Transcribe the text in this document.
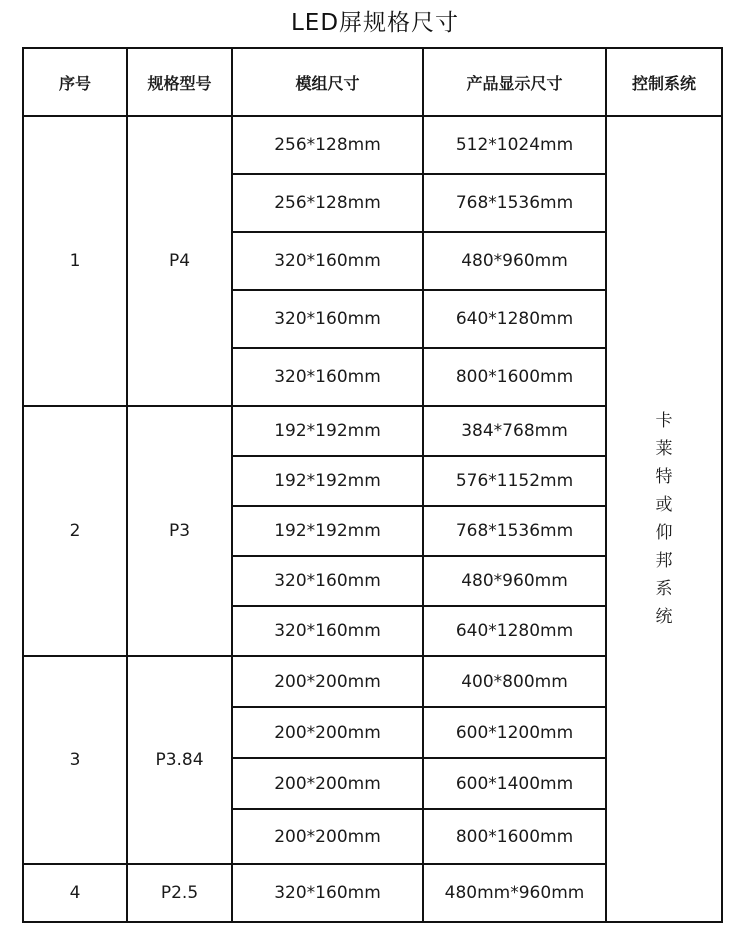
LED屏规格尺寸
序号	规格型号	模组尺寸	产品显示尺寸	控制系统
1	P4	256*128mm	512*1024mm	卡莱特或仰邦系统
		256*128mm	768*1536mm	
		320*160mm	480*960mm	
		320*160mm	640*1280mm	
		320*160mm	800*1600mm	
2	P3	192*192mm	384*768mm	
		192*192mm	576*1152mm	
		192*192mm	768*1536mm	
		320*160mm	480*960mm	
		320*160mm	640*1280mm	
3	P3.84	200*200mm	400*800mm	
		200*200mm	600*1200mm	
		200*200mm	600*1400mm	
		200*200mm	800*1600mm	
4	P2.5	320*160mm	480mm*960mm	
